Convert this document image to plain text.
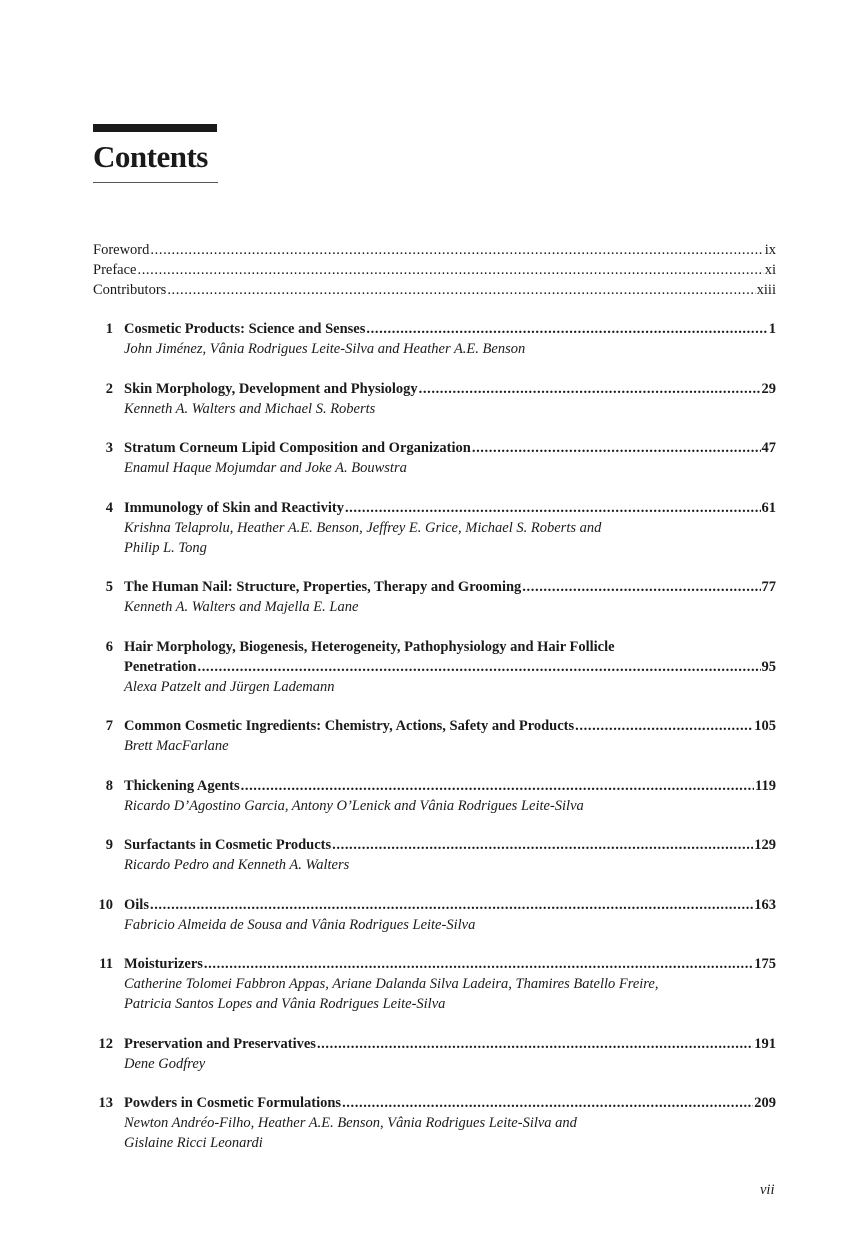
Contents
Foreword .....	ix
Preface .....	xi
Contributors .....	xiii
1 Cosmetic Products: Science and Senses .....	1
John Jiménez, Vânia Rodrigues Leite-Silva and Heather A.E. Benson
2 Skin Morphology, Development and Physiology .....	29
Kenneth A. Walters and Michael S. Roberts
3 Stratum Corneum Lipid Composition and Organization .....	47
Enamul Haque Mojumdar and Joke A. Bouwstra
4 Immunology of Skin and Reactivity .....	61
Krishna Telaprolu, Heather A.E. Benson, Jeffrey E. Grice, Michael S. Roberts and
Philip L. Tong
5 The Human Nail: Structure, Properties, Therapy and Grooming .....	77
Kenneth A. Walters and Majella E. Lane
6 Hair Morphology, Biogenesis, Heterogeneity, Pathophysiology and Hair Follicle
Penetration .....	95
Alexa Patzelt and Jürgen Lademann
7 Common Cosmetic Ingredients: Chemistry, Actions, Safety and Products .....	105
Brett MacFarlane
8 Thickening Agents .....	119
Ricardo D’Agostino Garcia, Antony O’Lenick and Vânia Rodrigues Leite-Silva
9 Surfactants in Cosmetic Products .....	129
Ricardo Pedro and Kenneth A. Walters
10 Oils .....	163
Fabricio Almeida de Sousa and Vânia Rodrigues Leite-Silva
11 Moisturizers .....	175
Catherine Tolomei Fabbron Appas, Ariane Dalanda Silva Ladeira, Thamires Batello Freire,
Patricia Santos Lopes and Vânia Rodrigues Leite-Silva
12 Preservation and Preservatives .....	191
Dene Godfrey
13 Powders in Cosmetic Formulations .....	209
Newton Andréo-Filho, Heather A.E. Benson, Vânia Rodrigues Leite-Silva and
Gislaine Ricci Leonardi
vii
